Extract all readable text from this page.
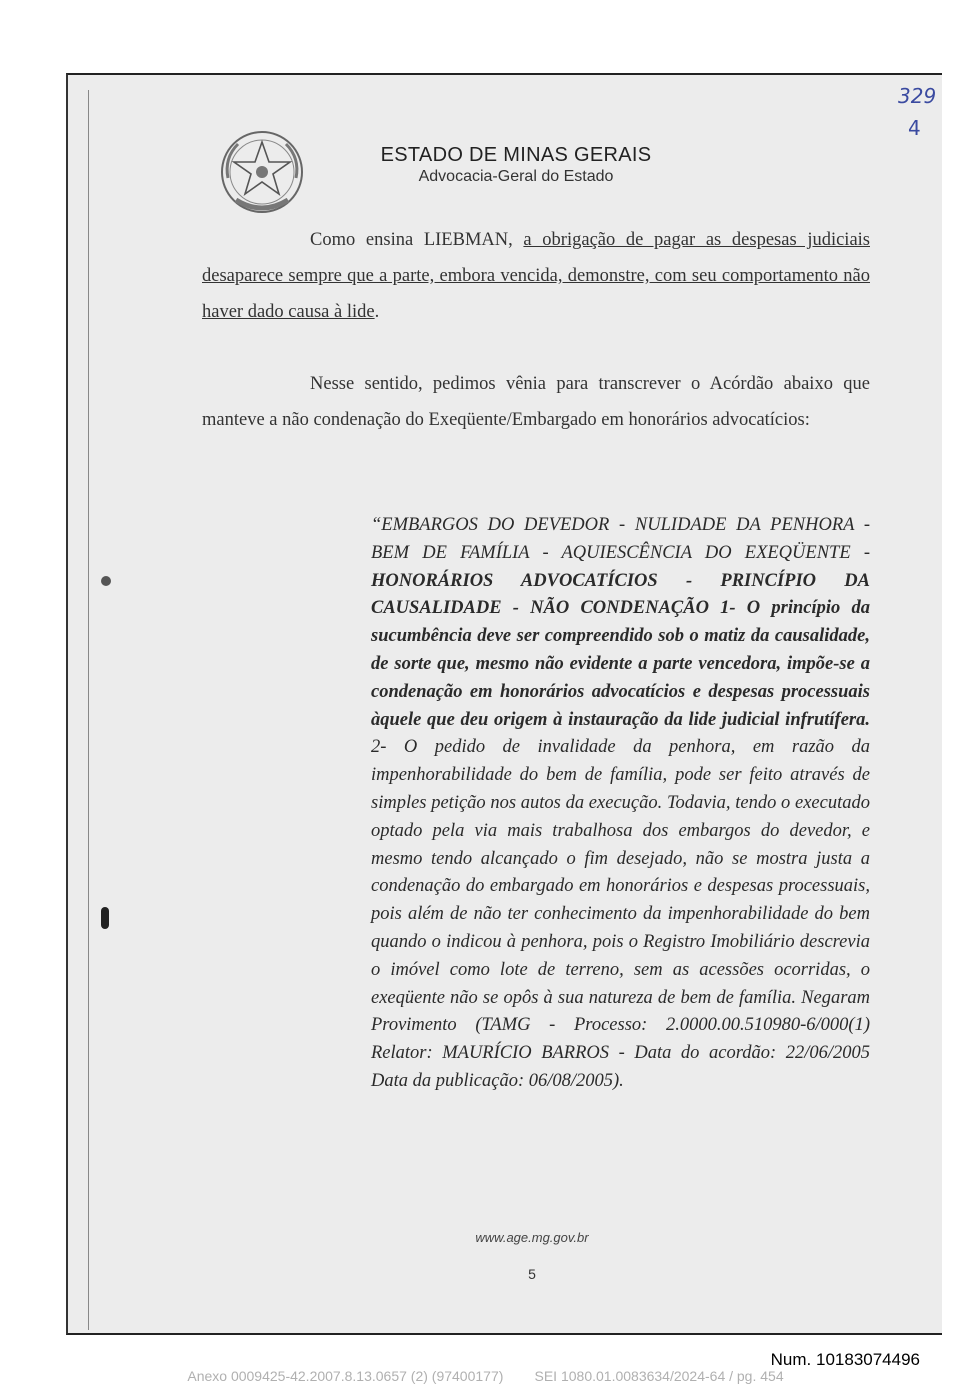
329
4
ESTADO DE MINAS GERAIS
Advocacia-Geral do Estado
Como ensina LIEBMAN, a obrigação de pagar as despesas judiciais desaparece sempre que a parte, embora vencida, demonstre, com seu comportamento não haver dado causa à lide.
Nesse sentido, pedimos vênia para transcrever o Acórdão abaixo que manteve a não condenação do Exeqüente/Embargado em honorários advocatícios:
“EMBARGOS DO DEVEDOR - NULIDADE DA PENHORA - BEM DE FAMÍLIA - AQUIESCÊNCIA DO EXEQÜENTE - HONORÁRIOS ADVOCATÍCIOS - PRINCÍPIO DA CAUSALIDADE - NÃO CONDENAÇÃO 1- O princípio da sucumbência deve ser compreendido sob o matiz da causalidade, de sorte que, mesmo não evidente a parte vencedora, impõe-se a condenação em honorários advocatícios e despesas processuais àquele que deu origem à instauração da lide judicial infrutífera. 2- O pedido de invalidade da penhora, em razão da impenhorabilidade do bem de família, pode ser feito através de simples petição nos autos da execução. Todavia, tendo o executado optado pela via mais trabalhosa dos embargos do devedor, e mesmo tendo alcançado o fim desejado, não se mostra justa a condenação do embargado em honorários e despesas processuais, pois além de não ter conhecimento da impenhorabilidade do bem quando o indicou à penhora, pois o Registro Imobiliário descrevia o imóvel como lote de terreno, sem as acessões ocorridas, o exeqüente não se opôs à sua natureza de bem de família. Negaram Provimento (TAMG - Processo: 2.0000.00.510980-6/000(1) Relator: MAURÍCIO BARROS - Data do acordão: 22/06/2005 Data da publicação: 06/08/2005).
www.age.mg.gov.br
5
Num. 10183074496
Anexo 0009425-42.2007.8.13.0657 (2) (97400177)        SEI 1080.01.0083634/2024-64 / pg. 454
